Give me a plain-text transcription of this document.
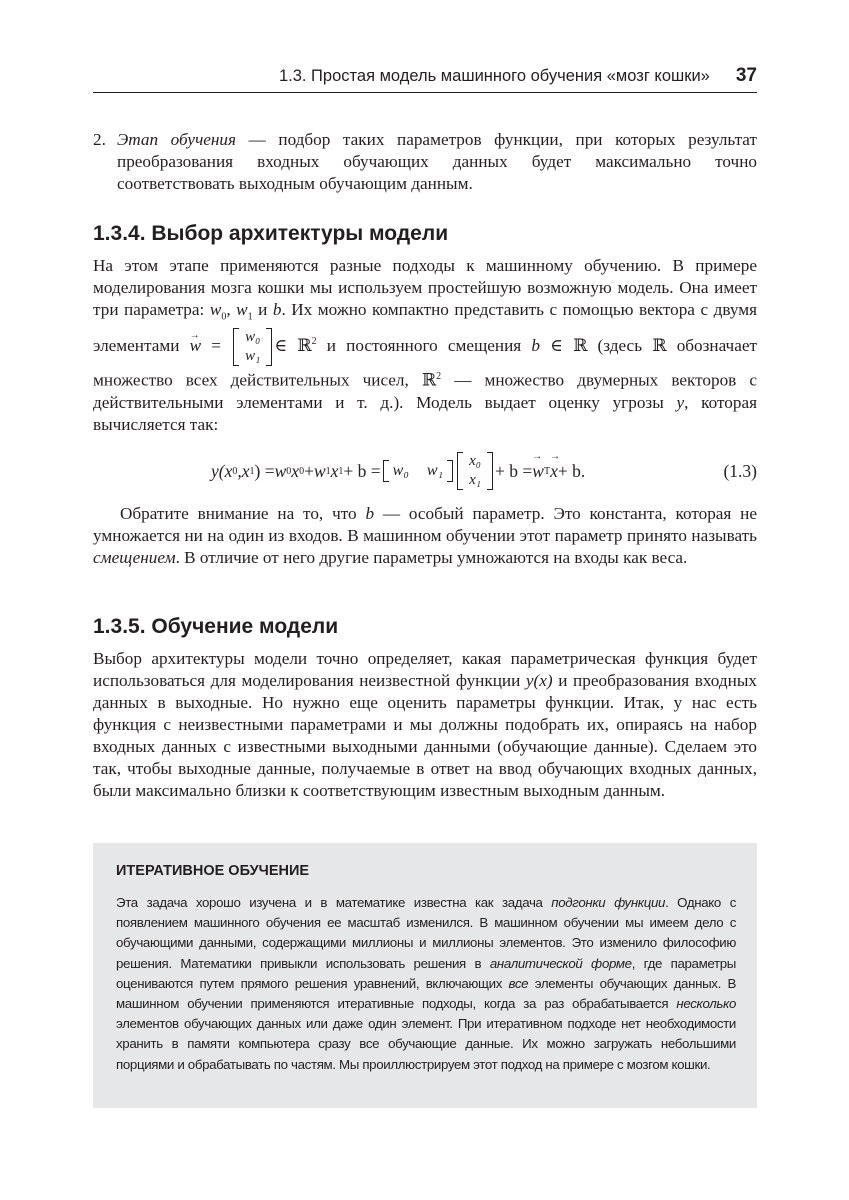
1.3. Простая модель машинного обучения «мозг кошки» 37
2. Этап обучения — подбор таких параметров функции, при которых результат преобразования входных обучающих данных будет максимально точно соответствовать выходным обучающим данным.

1.3.4. Выбор архитектуры модели

На этом этапе применяются разные подходы к машинному обучению. В примере моделирования мозга кошки мы используем простейшую возможную модель. Она имеет три параметра: $w_0$, $w_1$ и b. Их можно компактно представить с помощью вектора с двумя элементами → w = w₀
w₁
∈ ℝ$^2$ и постоянного смещения b ∈ ℝ (здесь ℝ обозначает множество всех действительных чисел, ℝ$^2$ — множество двумерных векторов с действительными элементами и т. д.). Модель выдает оценку угрозы y, которая вычисляется так:

y(x 0 ,x 1 ) = w 0 x 0 + w 1 x 1 + b = w₀ w₁
x₀
x₁ + b = → w T → x + b.	(1.3)

Обратите внимание на то, что b — особый параметр. Это константа, которая не умножается ни на один из входов. В машинном обучении этот параметр принято называть смещением. В отличие от него другие параметры умножаются на входы как веса.

1.3.5. Обучение модели

Выбор архитектуры модели точно определяет, какая параметрическая функция будет использоваться для моделирования неизвестной функции y(x) и преобразования входных данных в выходные. Но нужно еще оценить параметры функции. Итак, у нас есть функция с неизвестными параметрами и мы должны подобрать их, опираясь на набор входных данных с известными выходными данными (обучающие данные). Сделаем это так, чтобы выходные данные, получаемые в ответ на ввод обучающих входных данных, были максимально близки к соответствующим известным выходным данным.

ИТЕРАТИВНОЕ ОБУЧЕНИЕ

Эта задача хорошо изучена и в математике известна как задача подгонки функции. Однако с появлением машинного обучения ее масштаб изменился. В машинном обучении мы имеем дело с обучающими данными, содержащими миллионы и миллионы элементов. Это изменило философию решения. Математики привыкли использовать решения в аналитической форме, где параметры оцениваются путем прямого решения уравнений, включающих все элементы обучающих данных. В машинном обучении применяются итеративные подходы, когда за раз обрабатывается несколько элементов обучающих данных или даже один элемент. При итеративном подходе нет необходимости хранить в памяти компьютера сразу все обучающие данные. Их можно загружать небольшими порциями и обрабатывать по частям. Мы проиллюстрируем этот подход на примере с мозгом кошки.
